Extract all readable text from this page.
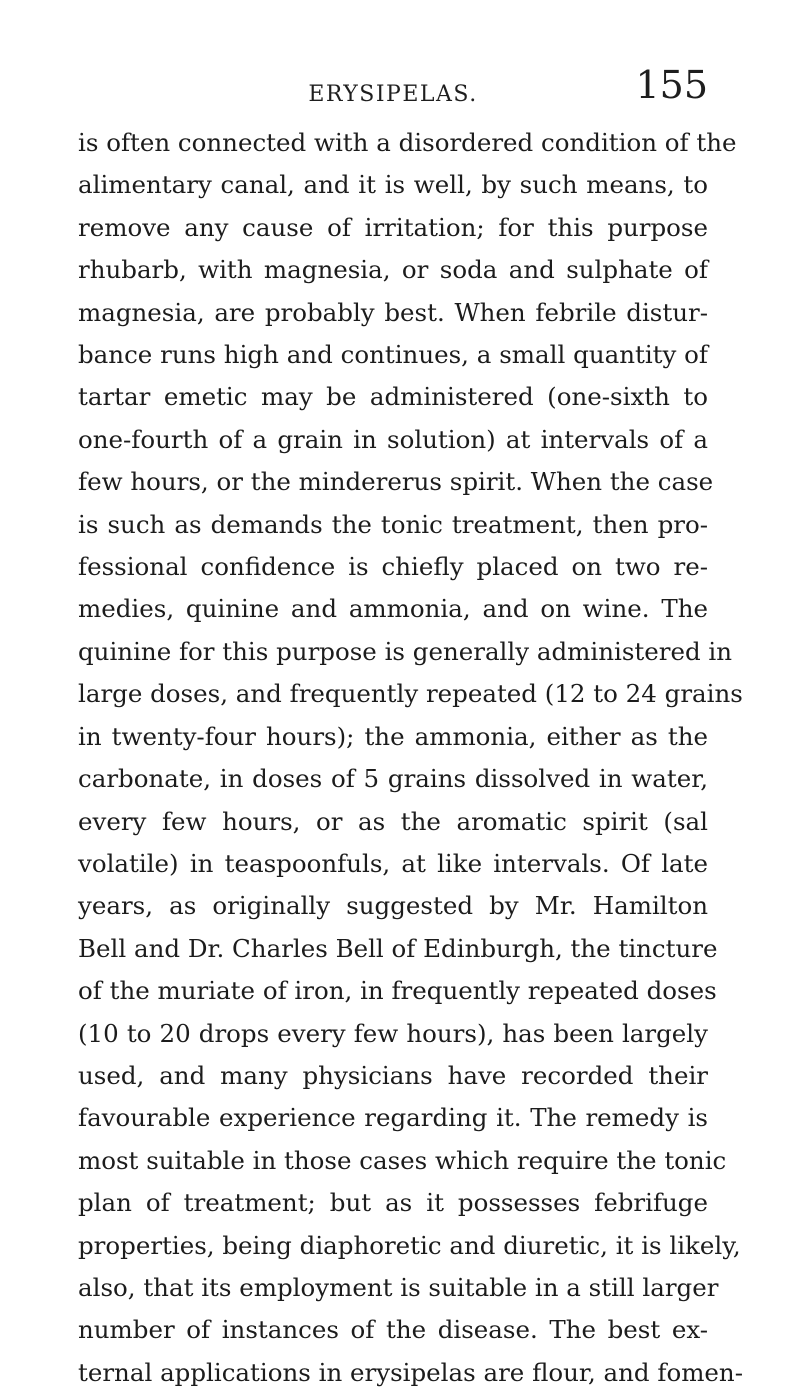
ERYSIPELAS.	155
is often connected with a disordered condition of the
alimentary canal, and it is well, by such means, to
remove any cause of irritation; for this purpose
rhubarb, with magnesia, or soda and sulphate of
magnesia, are probably best. When febrile distur-
bance runs high and continues, a small quantity of
tartar emetic may be administered (one-sixth to
one-fourth of a grain in solution) at intervals of a
few hours, or the mindererus spirit. When the case
is such as demands the tonic treatment, then pro-
fessional confidence is chiefly placed on two re-
medies, quinine and ammonia, and on wine. The
quinine for this purpose is generally administered in
large doses, and frequently repeated (12 to 24 grains
in twenty-four hours); the ammonia, either as the
carbonate, in doses of 5 grains dissolved in water,
every few hours, or as the aromatic spirit (sal
volatile) in teaspoonfuls, at like intervals. Of late
years, as originally suggested by Mr. Hamilton
Bell and Dr. Charles Bell of Edinburgh, the tincture
of the muriate of iron, in frequently repeated doses
(10 to 20 drops every few hours), has been largely
used, and many physicians have recorded their
favourable experience regarding it. The remedy is
most suitable in those cases which require the tonic
plan of treatment; but as it possesses febrifuge
properties, being diaphoretic and diuretic, it is likely,
also, that its employment is suitable in a still larger
number of instances of the disease. The best ex-
ternal applications in erysipelas are flour, and fomen-
